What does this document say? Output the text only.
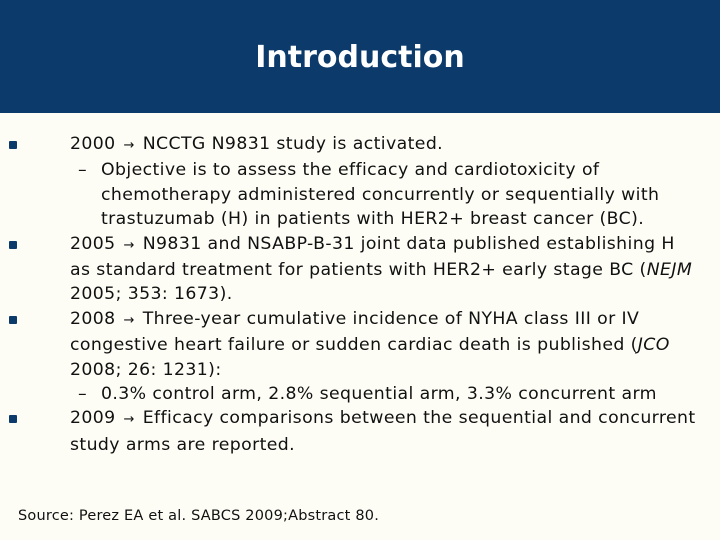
Introduction
2000 → NCCTG N9831 study is activated.
– Objective is to assess the efficacy and cardiotoxicity of chemotherapy administered concurrently or sequentially with trastuzumab (H) in patients with HER2+ breast cancer (BC).
2005 → N9831 and NSABP-B-31 joint data published establishing H as standard treatment for patients with HER2+ early stage BC (NEJM 2005; 353: 1673).
2008 → Three-year cumulative incidence of NYHA class III or IV congestive heart failure or sudden cardiac death is published (JCO 2008; 26: 1231):
– 0.3% control arm, 2.8% sequential arm, 3.3% concurrent arm
2009 → Efficacy comparisons between the sequential and concurrent study arms are reported.
Source: Perez EA et al. SABCS 2009;Abstract 80.
